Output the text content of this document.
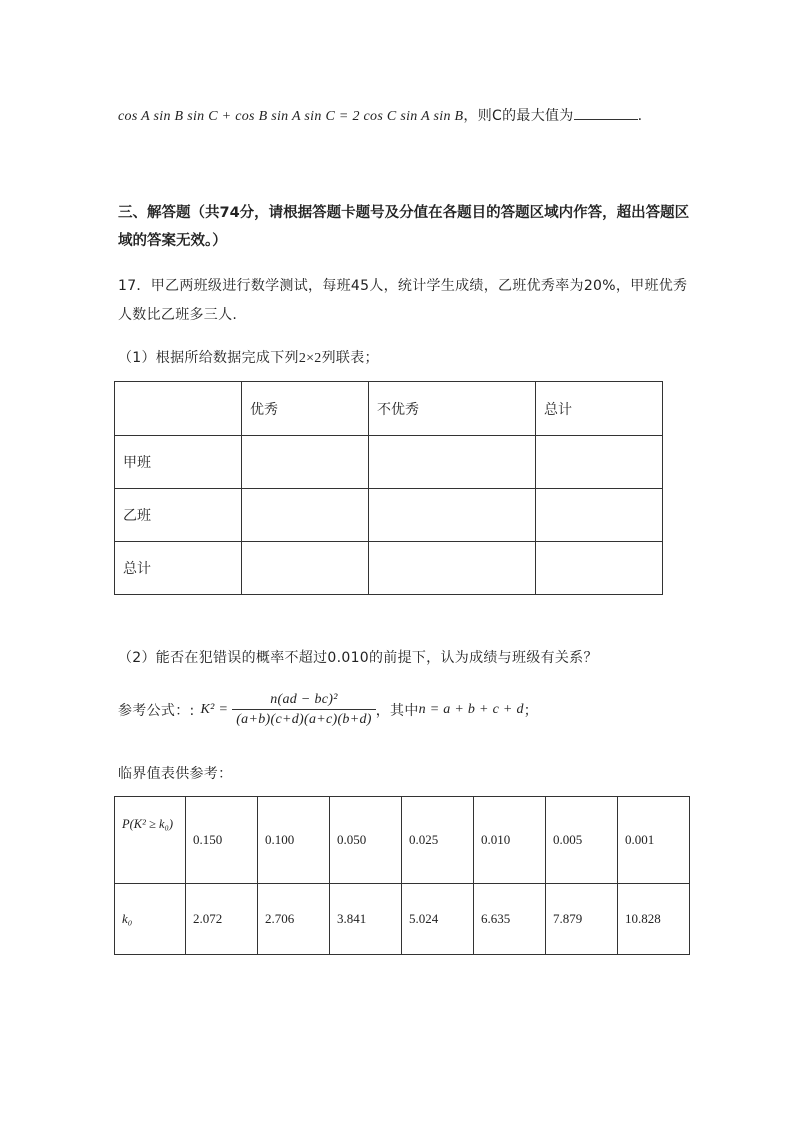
cos A sin B sin C + cos B sin A sin C = 2 cos C sin A sin B，则C的最大值为	.
三、解答题（共74分，请根据答题卡题号及分值在各题目的答题区域内作答，超出答题区
域的答案无效。）
17．甲乙两班级进行数学测试，每班45人，统计学生成绩，乙班优秀率为20%，甲班优秀
人数比乙班多三人.
（1）根据所给数据完成下列2×2列联表；
	优秀	不优秀	总计
甲班			
乙班			
总计			
（2）能否在犯错误的概率不超过0.010的前提下，认为成绩与班级有关系？
参考公式：: $K^2 = \frac{\text{n(ad − bc)²}}{(a+b)(c+d)(a+c)(b+d)}$ ，其中 n = a + b + c + d ；
临界值表供参考：
P(K² ≥ k₀)	0.150	0.100	0.050	0.025	0.010	0.005	0.001
k₀	2.072	2.706	3.841	5.024	6.635	7.879	10.828
